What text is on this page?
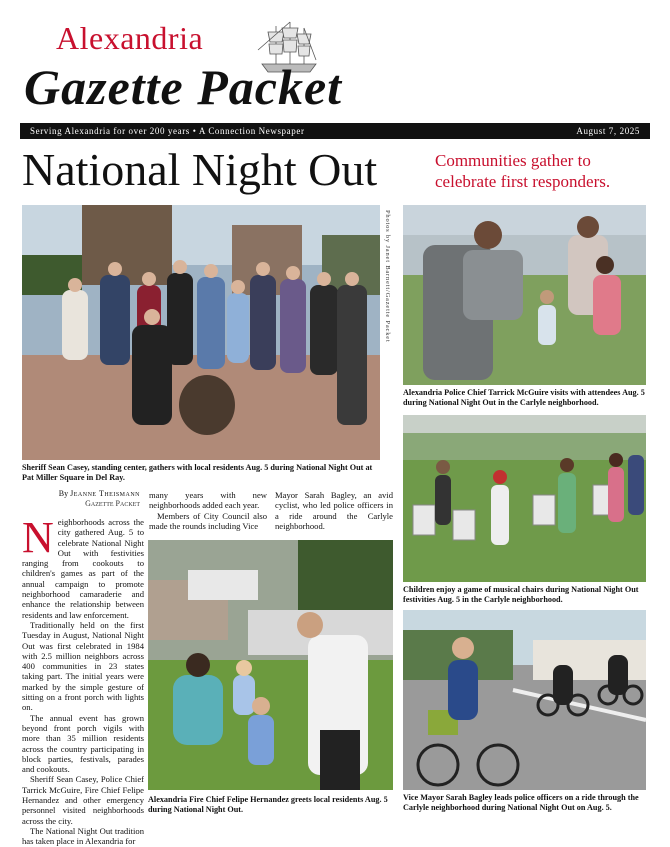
Alexandria
Gazette Packet
Serving Alexandria for over 200 years • A Connection Newspaper	August 7, 2025
National Night Out	Communities gather to celebrate first responders.
Photos by Janet Barnett/Gazette Packet
Sheriff Sean Casey, standing center, gathers with local residents Aug. 5 during National Night Out at Pat Miller Square in Del Ray.
Alexandria Police Chief Tarrick McGuire visits with attendees Aug. 5 during National Night Out in the Carlyle neighborhood.
Children enjoy a game of musical chairs during National Night Out festivities Aug. 5 in the Carlyle neighborhood.
Alexandria Fire Chief Felipe Hernandez greets local residents Aug. 5 during National Night Out.
Vice Mayor Sarah Bagley leads police officers on a ride through the Carlyle neighborhood during National Night Out on Aug. 5.
By Jeanne Theismann
Gazette Packet

Neighborhoods across the city gathered Aug. 5 to celebrate National Night Out with festivities ranging from cookouts to children's games as part of the annual campaign to promote neighborhood camaraderie and enhance the relationship between residents and law enforcement.

Traditionally held on the first Tuesday in August, National Night Out was first celebrated in 1984 with 2.5 million neighbors across 400 communities in 23 states taking part. The initial years were marked by the simple gesture of sitting on a front porch with lights on.

The annual event has grown beyond front porch vigils with more than 35 million residents across the country participating in block parties, festivals, parades and cookouts.

Sheriff Sean Casey, Police Chief Tarrick McGuire, Fire Chief Felipe Hernandez and other emergency personnel visited neighborhoods across the city.

The National Night Out tradition has taken place in Alexandria for

many years with new neighborhoods added each year.

Members of City Council also made the rounds including Vice

Mayor Sarah Bagley, an avid cyclist, who led police officers in a ride around the Carlyle neighborhood.
